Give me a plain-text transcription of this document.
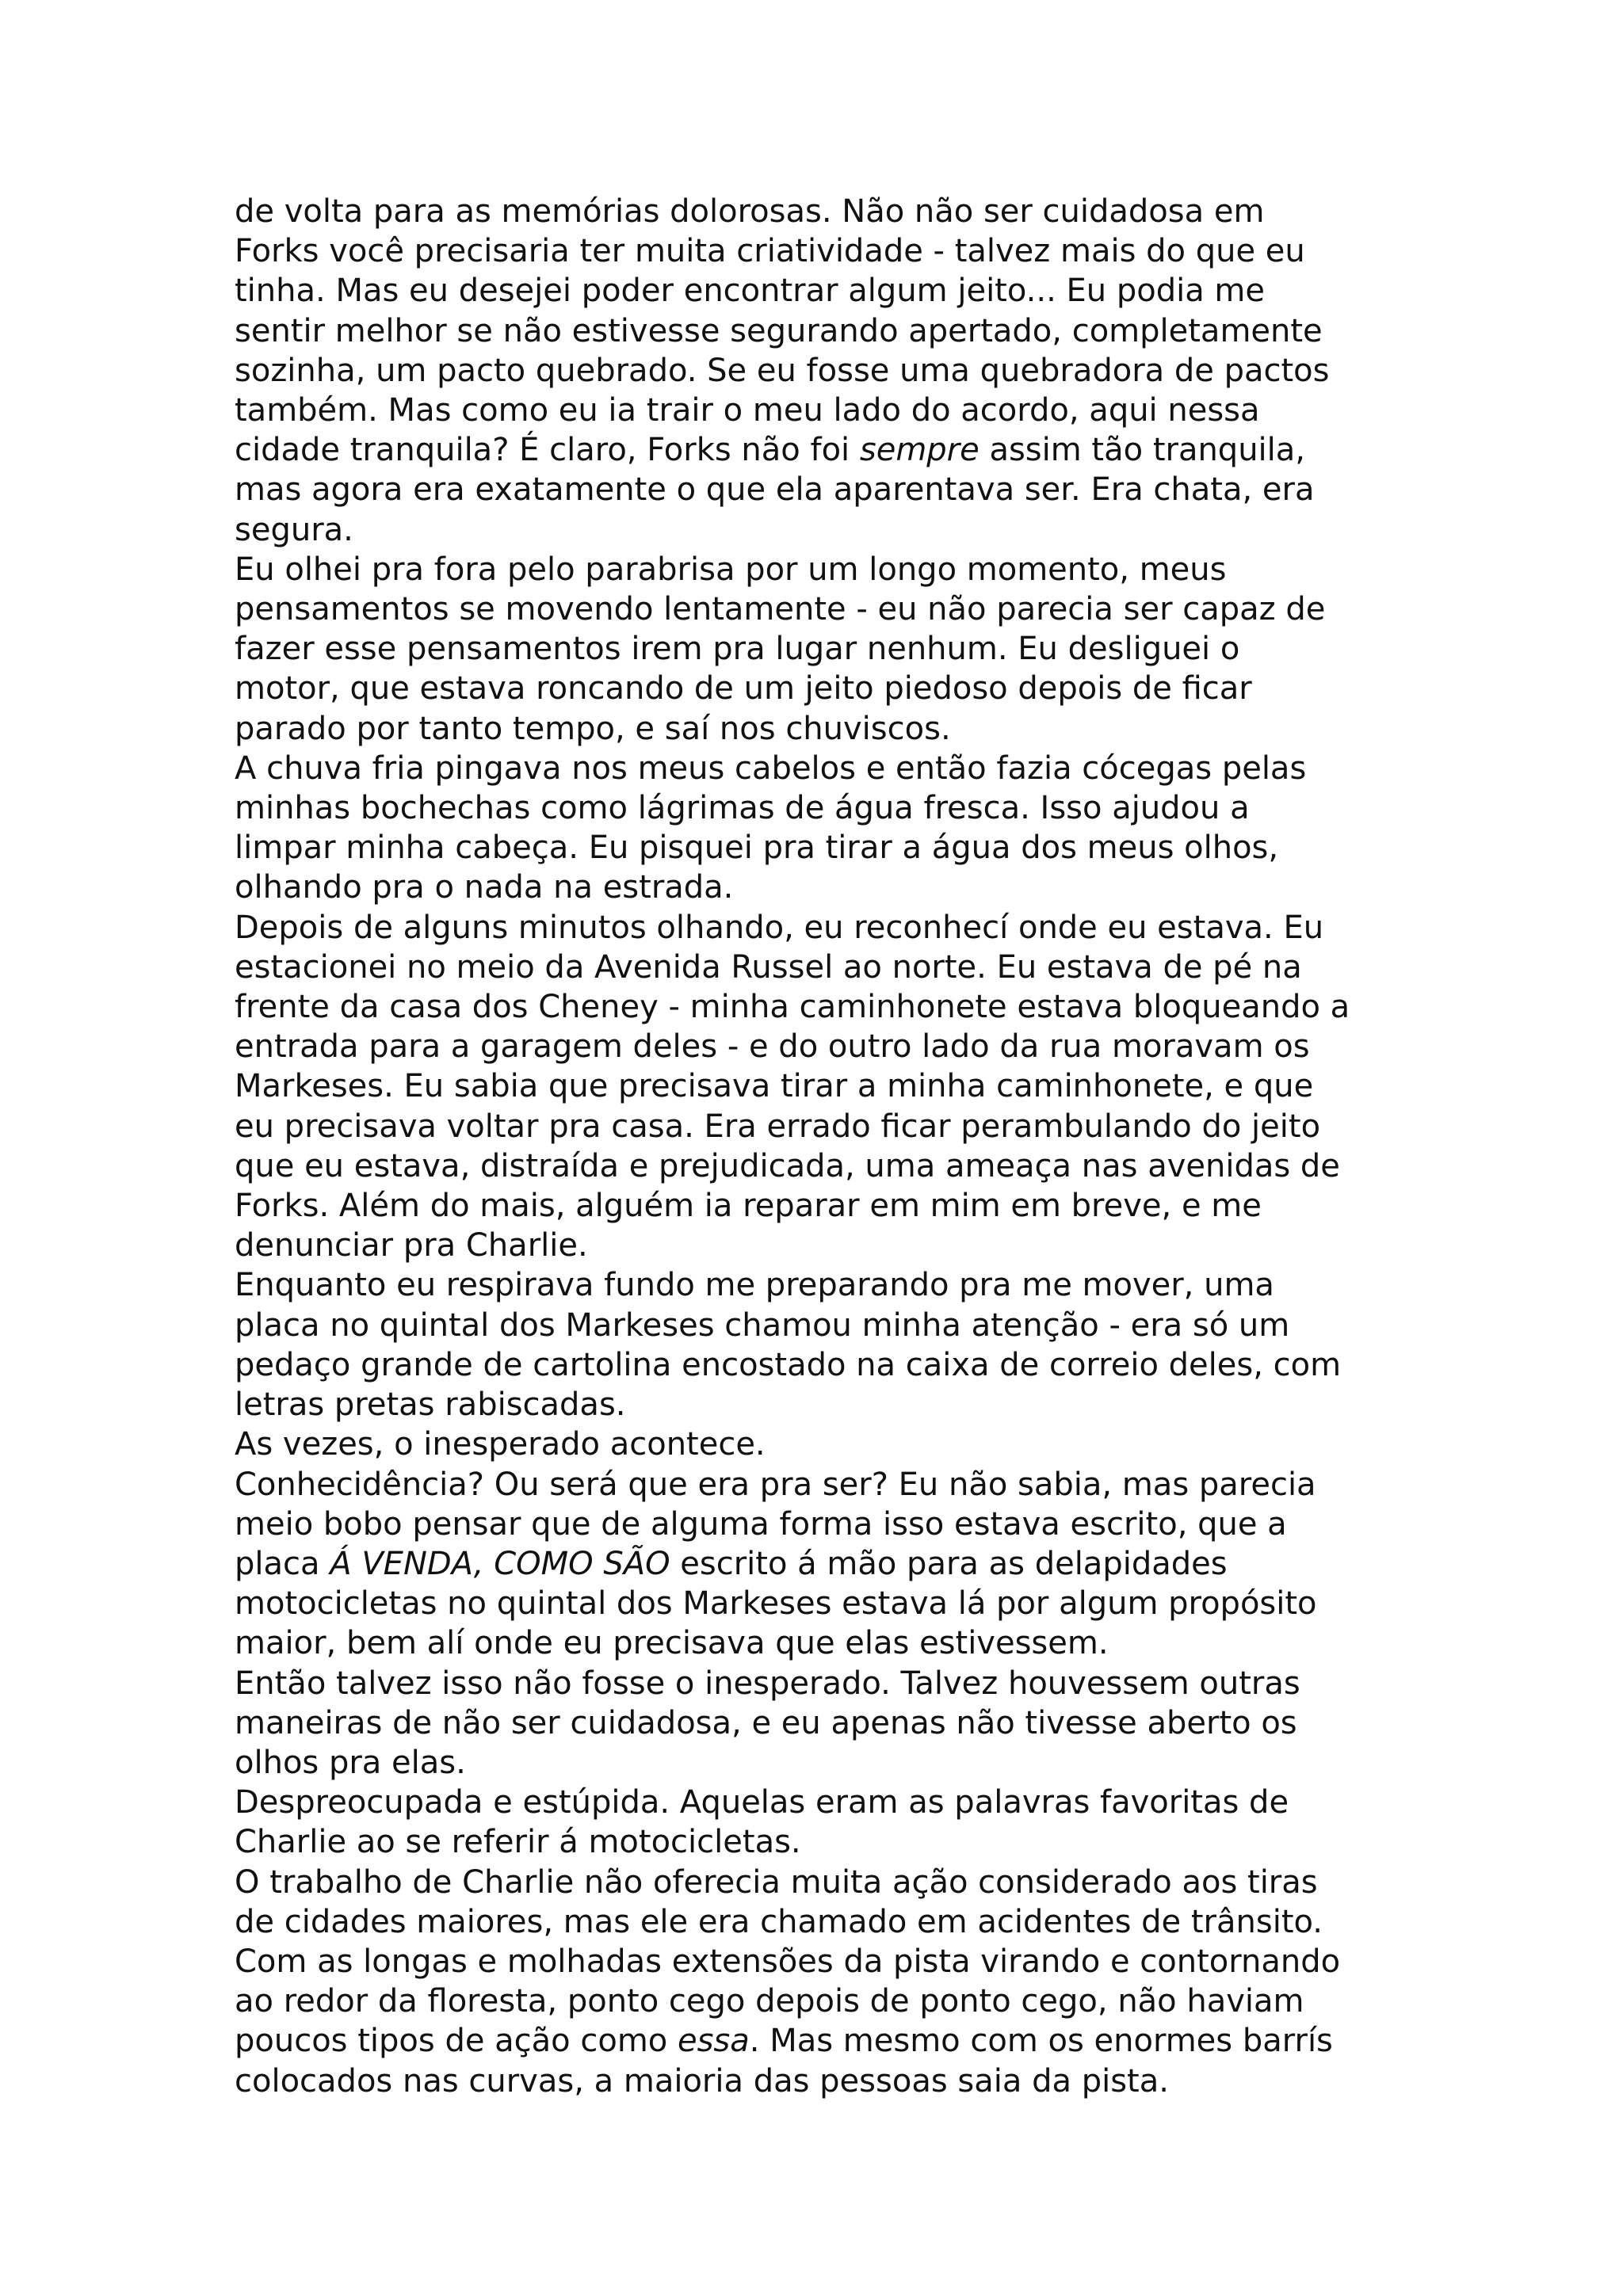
de volta para as memórias dolorosas. Não não ser cuidadosa em
Forks você precisaria ter muita criatividade - talvez mais do que eu
tinha. Mas eu desejei poder encontrar algum jeito... Eu podia me
sentir melhor se não estivesse segurando apertado, completamente
sozinha, um pacto quebrado. Se eu fosse uma quebradora de pactos
também. Mas como eu ia trair o meu lado do acordo, aqui nessa
cidade tranquila? É claro, Forks não foi sempre assim tão tranquila,
mas agora era exatamente o que ela aparentava ser. Era chata, era
segura.

Eu olhei pra fora pelo parabrisa por um longo momento, meus
pensamentos se movendo lentamente - eu não parecia ser capaz de
fazer esse pensamentos irem pra lugar nenhum. Eu desliguei o
motor, que estava roncando de um jeito piedoso depois de ficar
parado por tanto tempo, e saí nos chuviscos.

A chuva fria pingava nos meus cabelos e então fazia cócegas pelas
minhas bochechas como lágrimas de água fresca. Isso ajudou a
limpar minha cabeça. Eu pisquei pra tirar a água dos meus olhos,
olhando pra o nada na estrada.

Depois de alguns minutos olhando, eu reconhecí onde eu estava. Eu
estacionei no meio da Avenida Russel ao norte. Eu estava de pé na
frente da casa dos Cheney - minha caminhonete estava bloqueando a
entrada para a garagem deles - e do outro lado da rua moravam os
Markeses. Eu sabia que precisava tirar a minha caminhonete, e que
eu precisava voltar pra casa. Era errado ficar perambulando do jeito
que eu estava, distraída e prejudicada, uma ameaça nas avenidas de
Forks. Além do mais, alguém ia reparar em mim em breve, e me
denunciar pra Charlie.

Enquanto eu respirava fundo me preparando pra me mover, uma
placa no quintal dos Markeses chamou minha atenção - era só um
pedaço grande de cartolina encostado na caixa de correio deles, com
letras pretas rabiscadas.

As vezes, o inesperado acontece.

Conhecidência? Ou será que era pra ser? Eu não sabia, mas parecia
meio bobo pensar que de alguma forma isso estava escrito, que a
placa Á VENDA, COMO SÃO escrito á mão para as delapidades
motocicletas no quintal dos Markeses estava lá por algum propósito
maior, bem alí onde eu precisava que elas estivessem.

Então talvez isso não fosse o inesperado. Talvez houvessem outras
maneiras de não ser cuidadosa, e eu apenas não tivesse aberto os
olhos pra elas.

Despreocupada e estúpida. Aquelas eram as palavras favoritas de
Charlie ao se referir á motocicletas.

O trabalho de Charlie não oferecia muita ação considerado aos tiras
de cidades maiores, mas ele era chamado em acidentes de trânsito.
Com as longas e molhadas extensões da pista virando e contornando
ao redor da floresta, ponto cego depois de ponto cego, não haviam
poucos tipos de ação como essa. Mas mesmo com os enormes barrís
colocados nas curvas, a maioria das pessoas saia da pista.
